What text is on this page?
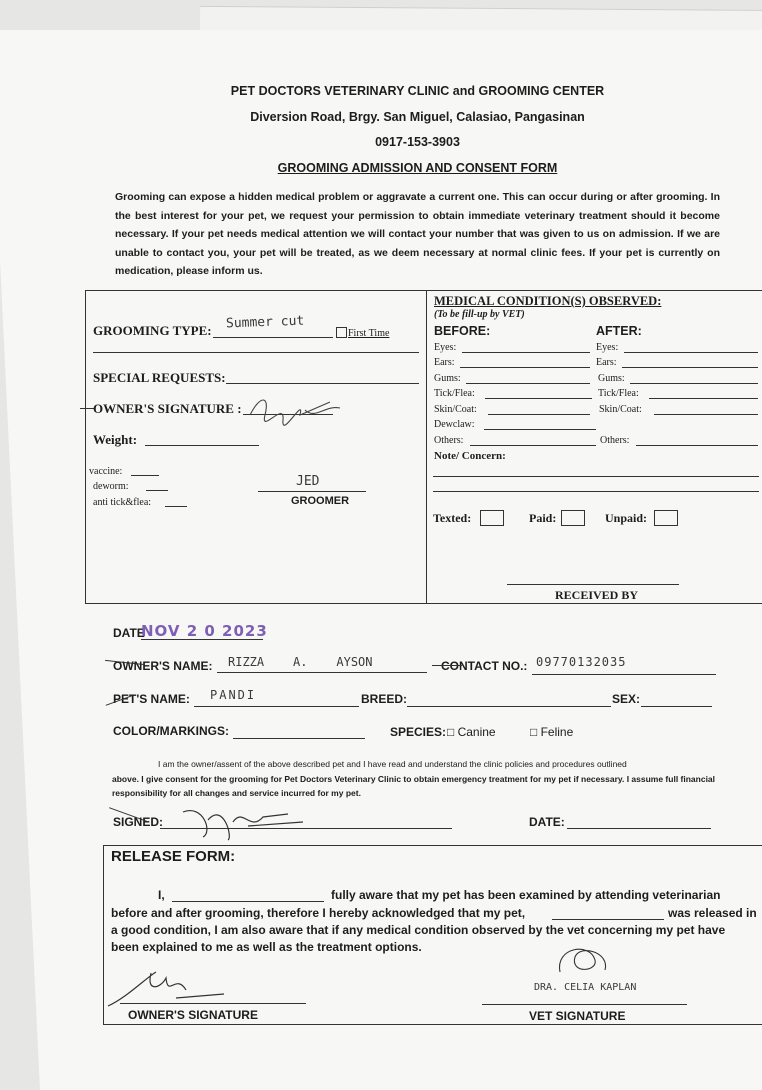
PET DOCTORS VETERINARY CLINIC and GROOMING CENTER
Diversion Road, Brgy. San Miguel, Calasiao, Pangasinan
0917-153-3903
GROOMING ADMISSION AND CONSENT FORM
Grooming can expose a hidden medical problem or aggravate a current one. This can occur during or after grooming. In the best interest for your pet, we request your permission to obtain immediate veterinary treatment should it become necessary. If your pet needs medical attention we will contact your number that was given to us on admission. If we are unable to contact you, your pet will be treated, as we deem necessary at normal clinic fees. If your pet is currently on medication, please inform us.
GROOMING TYPE: Summer cut
First Time
SPECIAL REQUESTS:
OWNER'S SIGNATURE :
Weight:
vaccine:
deworm:
anti tick&flea:
JED
GROOMER
MEDICAL CONDITION(S) OBSERVED:
(To be fill-up by VET)
BEFORE:	AFTER:
Eyes:
Ears:
Gums:
Tick/Flea:
Skin/Coat:
Dewclaw:
Others:
Eyes:
Ears:
Gums:
Tick/Flea:
Skin/Coat:
Others:
Note/ Concern:
Texted:	Paid:	Unpaid:
RECEIVED BY
DATE
NOV 2 0 2023
OWNER'S NAME: RIZZA    A.    AYSON	CONTACT NO.: 09770132035
PET'S NAME: PANDI	BREED:	SEX:
COLOR/MARKINGS:	SPECIES: □ Canine	□ Feline
I am the owner/assent of the above described pet and I have read and understand the clinic policies and procedures outlined
above. I give consent for the grooming for Pet Doctors Veterinary Clinic to obtain emergency treatment for my pet if necessary. I assume full financial responsibility for all changes and service incurred for my pet.
SIGNED:	DATE:
RELEASE FORM:
I,	fully aware that my pet has been examined by attending veterinarian
before and after grooming, therefore I hereby acknowledged that my pet,	was released in
a good condition, I am also aware that if any medical condition observed by the vet concerning my pet have
been explained to me as well as the treatment options.
OWNER'S SIGNATURE
DRA. CELIA KAPLAN
VET SIGNATURE
